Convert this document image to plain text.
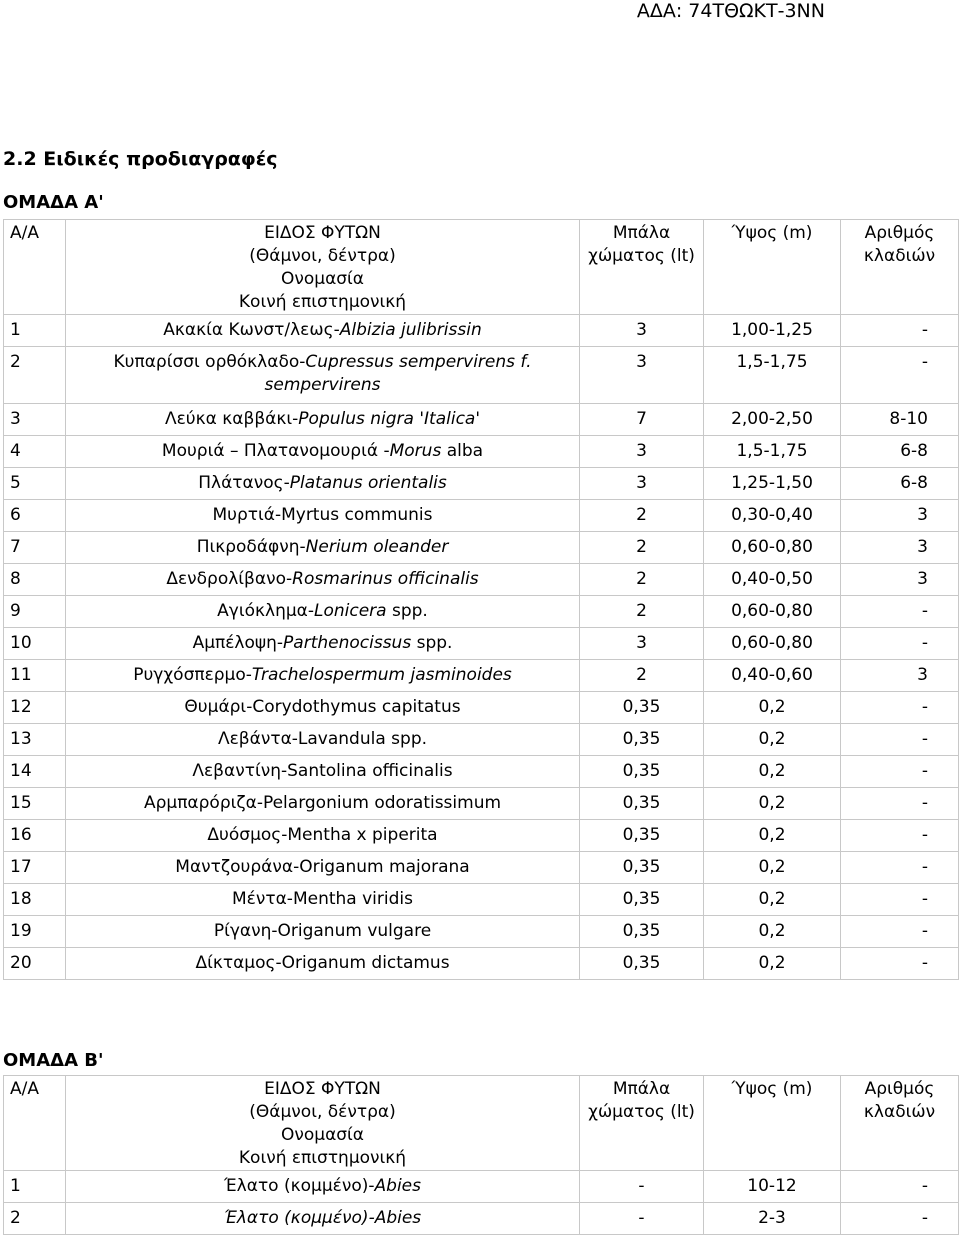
ΑΔΑ: 74ΤΘΩΚΤ-3ΝΝ
2.2 Ειδικές προδιαγραφές
ΟΜΑΔΑ Α'
Α/Α	ΕΙΔΟΣ ΦΥΤΩΝ
(Θάμνοι, δέντρα)
Ονομασία
Κοινή επιστημονική	Μπάλα
χώματος (lt)	Ύψος (m)	Αριθμός
κλαδιών
1	Ακακία Κωνστ/λεως-Albizia julibrissin	3	1,00-1,25	-
2	Κυπαρίσσι ορθόκλαδο-Cupressus sempervirens f. sempervirens	3	1,5-1,75	-
3	Λεύκα καββάκι-Populus nigra 'Italica'	7	2,00-2,50	8-10
4	Μουριά – Πλατανομουριά -Morus alba	3	1,5-1,75	6-8
5	Πλάτανος-Platanus orientalis	3	1,25-1,50	6-8
6	Μυρτιά-Myrtus communis	2	0,30-0,40	3
7	Πικροδάφνη-Nerium oleander	2	0,60-0,80	3
8	Δενδρολίβανο-Rosmarinus officinalis	2	0,40-0,50	3
9	Αγιόκλημα-Lonicera spp.	2	0,60-0,80	-
10	Αμπέλοψη-Parthenocissus spp.	3	0,60-0,80	-
11	Ρυγχόσπερμο-Trachelospermum jasminoides	2	0,40-0,60	3
12	Θυμάρι-Corydothymus capitatus	0,35	0,2	-
13	Λεβάντα-Lavandula spp.	0,35	0,2	-
14	Λεβαντίνη-Santolina officinalis	0,35	0,2	-
15	Αρμπαρόριζα-Pelargonium odoratissimum	0,35	0,2	-
16	Δυόσμος-Mentha x piperita	0,35	0,2	-
17	Μαντζουράνα-Origanum majorana	0,35	0,2	-
18	Μέντα-Mentha viridis	0,35	0,2	-
19	Ρίγανη-Origanum vulgare	0,35	0,2	-
20	Δίκταμος-Origanum dictamus	0,35	0,2	-
ΟΜΑΔΑ Β'
Α/Α	ΕΙΔΟΣ ΦΥΤΩΝ
(Θάμνοι, δέντρα)
Ονομασία
Κοινή επιστημονική	Μπάλα
χώματος (lt)	Ύψος (m)	Αριθμός
κλαδιών
1	Έλατο (κομμένο)-Abies	-	10-12	-
2	Έλατο (κομμένο)-Abies	-	2-3	-
